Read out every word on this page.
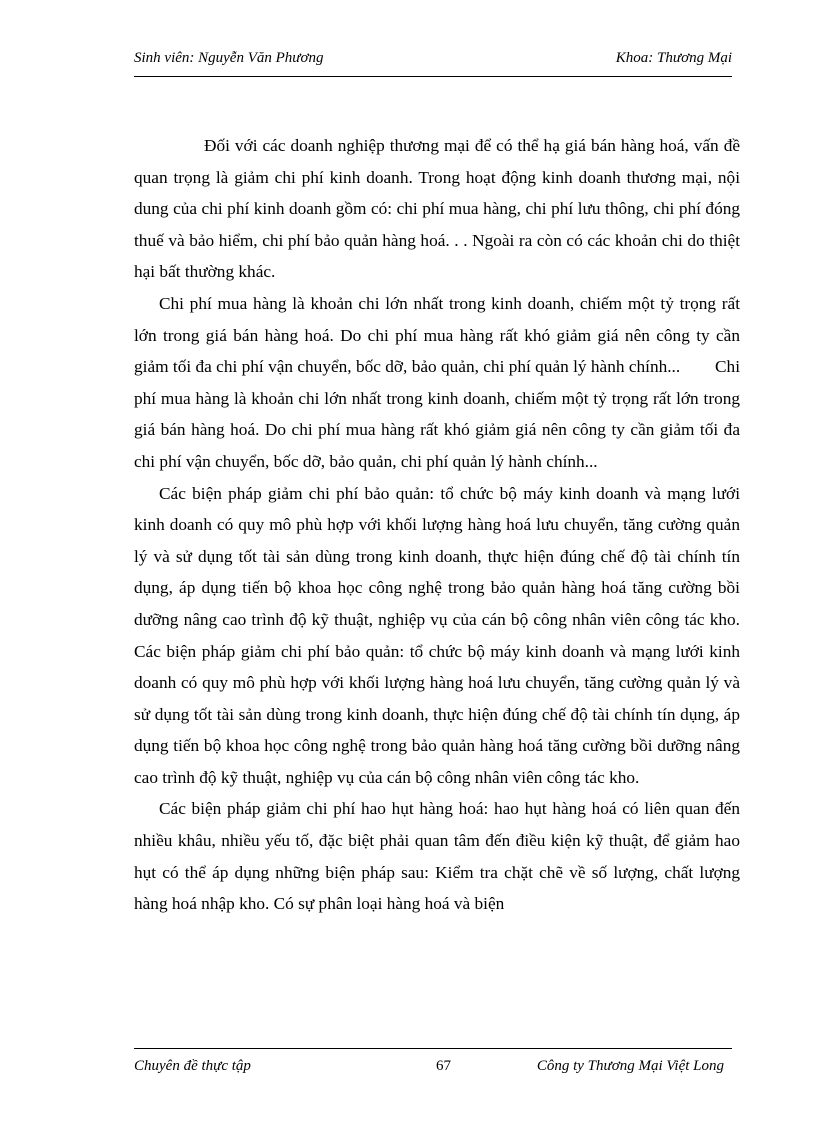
Sinh viên: Nguyễn Văn Phương	Khoa: Thương Mại

Đối với các doanh nghiệp thương mại để có thể hạ giá bán hàng hoá, vấn đề quan trọng là giảm chi phí kinh doanh. Trong hoạt động kinh doanh thương mại, nội dung của chi phí kinh doanh gồm có: chi phí mua hàng, chi phí lưu thông, chi phí đóng thuế và bảo hiểm, chi phí bảo quản hàng hoá. . . Ngoài ra còn có các khoản chi do thiệt hại bất thường khác.

Chi phí mua hàng là khoản chi lớn nhất trong kinh doanh, chiếm một tỷ trọng rất lớn trong giá bán hàng hoá. Do chi phí mua hàng rất khó giảm giá nên công ty cần giảm tối đa chi phí vận chuyển, bốc dỡ, bảo quản, chi phí quản lý hành chính...        Chi phí mua hàng là khoản chi lớn nhất trong kinh doanh, chiếm một tỷ trọng rất lớn trong giá bán hàng hoá. Do chi phí mua hàng rất khó giảm giá nên công ty cần giảm tối đa chi phí vận chuyển, bốc dỡ, bảo quản, chi phí quản lý hành chính...

Các biện pháp giảm chi phí bảo quản: tổ chức bộ máy kinh doanh và mạng lưới kinh doanh có quy mô phù hợp với khối lượng hàng hoá lưu chuyển, tăng cường quản lý và sử dụng tốt tài sản dùng trong kinh doanh, thực hiện đúng chế độ tài chính tín dụng, áp dụng tiến bộ khoa học công nghệ trong bảo quản hàng hoá tăng cường bồi dưỡng nâng cao trình độ kỹ thuật, nghiệp vụ của cán bộ công nhân viên công tác kho.          Các biện pháp giảm chi phí bảo quản: tổ chức bộ máy kinh doanh và mạng lưới kinh doanh có quy mô phù hợp với khối lượng hàng hoá lưu chuyển, tăng cường quản lý và sử dụng tốt tài sản dùng trong kinh doanh, thực hiện đúng chế độ tài chính tín dụng, áp dụng tiến bộ khoa học công nghệ trong bảo quản hàng hoá tăng cường bồi dưỡng nâng cao trình độ kỹ thuật, nghiệp vụ của cán bộ công nhân viên công tác kho.

Các biện pháp giảm chi phí hao hụt hàng hoá: hao hụt hàng hoá có liên quan đến nhiều khâu, nhiều yếu tố, đặc biệt phải quan tâm đến điều kiện kỹ thuật, để giảm hao hụt có thể áp dụng những biện pháp sau: Kiểm tra chặt chẽ về số lượng, chất lượng hàng hoá nhập kho. Có sự phân loại hàng hoá và biện

Chuyên đề thực tập	67	Công ty Thương Mại Việt Long
